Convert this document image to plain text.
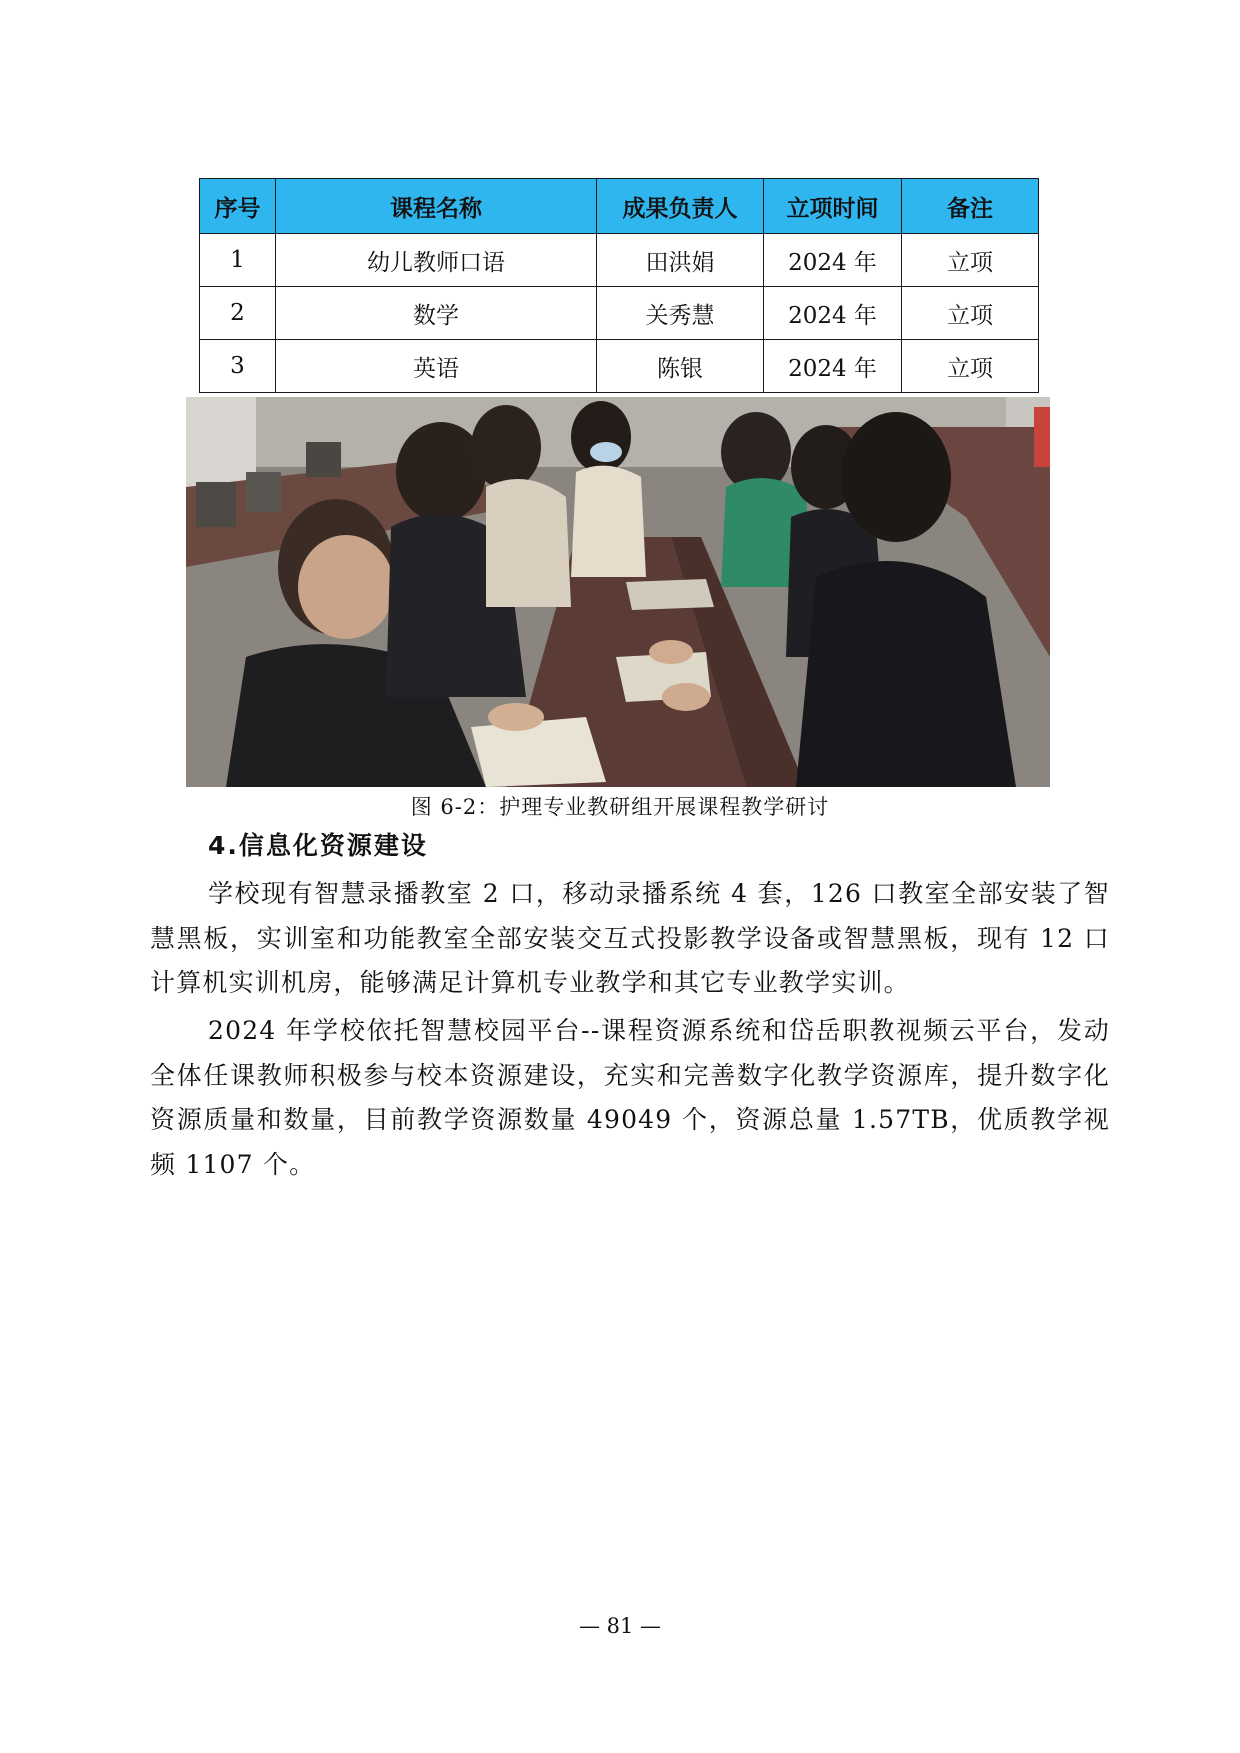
序号	课程名称	成果负责人	立项时间	备注
1	幼儿教师口语	田洪娟	2024 年	立项
2	数学	关秀慧	2024 年	立项
3	英语	陈银	2024 年	立项
图 6-2：护理专业教研组开展课程教学研讨
4.信息化资源建设

学校现有智慧录播教室 2 口，移动录播系统 4 套，126 口教室全部安装了智慧黑板，实训室和功能教室全部安装交互式投影教学设备或智慧黑板，现有 12 口计算机实训机房，能够满足计算机专业教学和其它专业教学实训。

2024 年学校依托智慧校园平台--课程资源系统和岱岳职教视频云平台，发动全体任课教师积极参与校本资源建设，充实和完善数字化教学资源库，提升数字化资源质量和数量，目前教学资源数量 49049 个，资源总量 1.57TB，优质教学视频 1107 个。

— 81 —
